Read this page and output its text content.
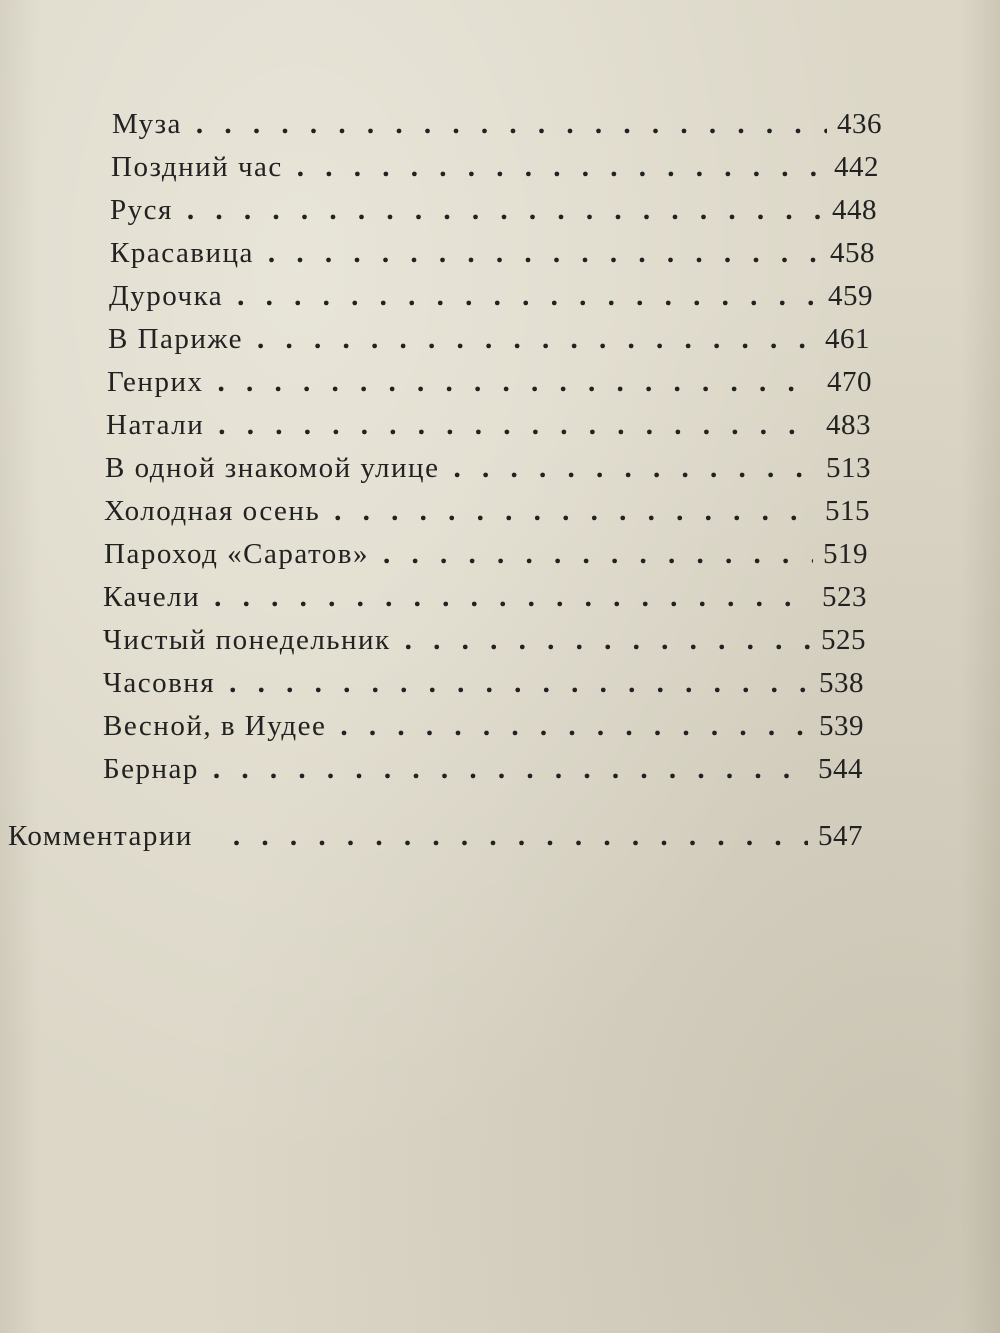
Муза . . .	436
Поздний час . . .	442
Руся . . .	448
Красавица . . .	458
Дурочка . . .	459
В Париже . . .	461
Генрих . . .	470
Натали . . .	483
В одной знакомой улице . . .	513
Холодная осень . . .	515
Пароход «Саратов» . . .	519
Качели . . .	523
Чистый понедельник . . .	525
Часовня . . .	538
Весной, в Иудее . . .	539
Бернар . . .	544
Комментарии . . .	547
